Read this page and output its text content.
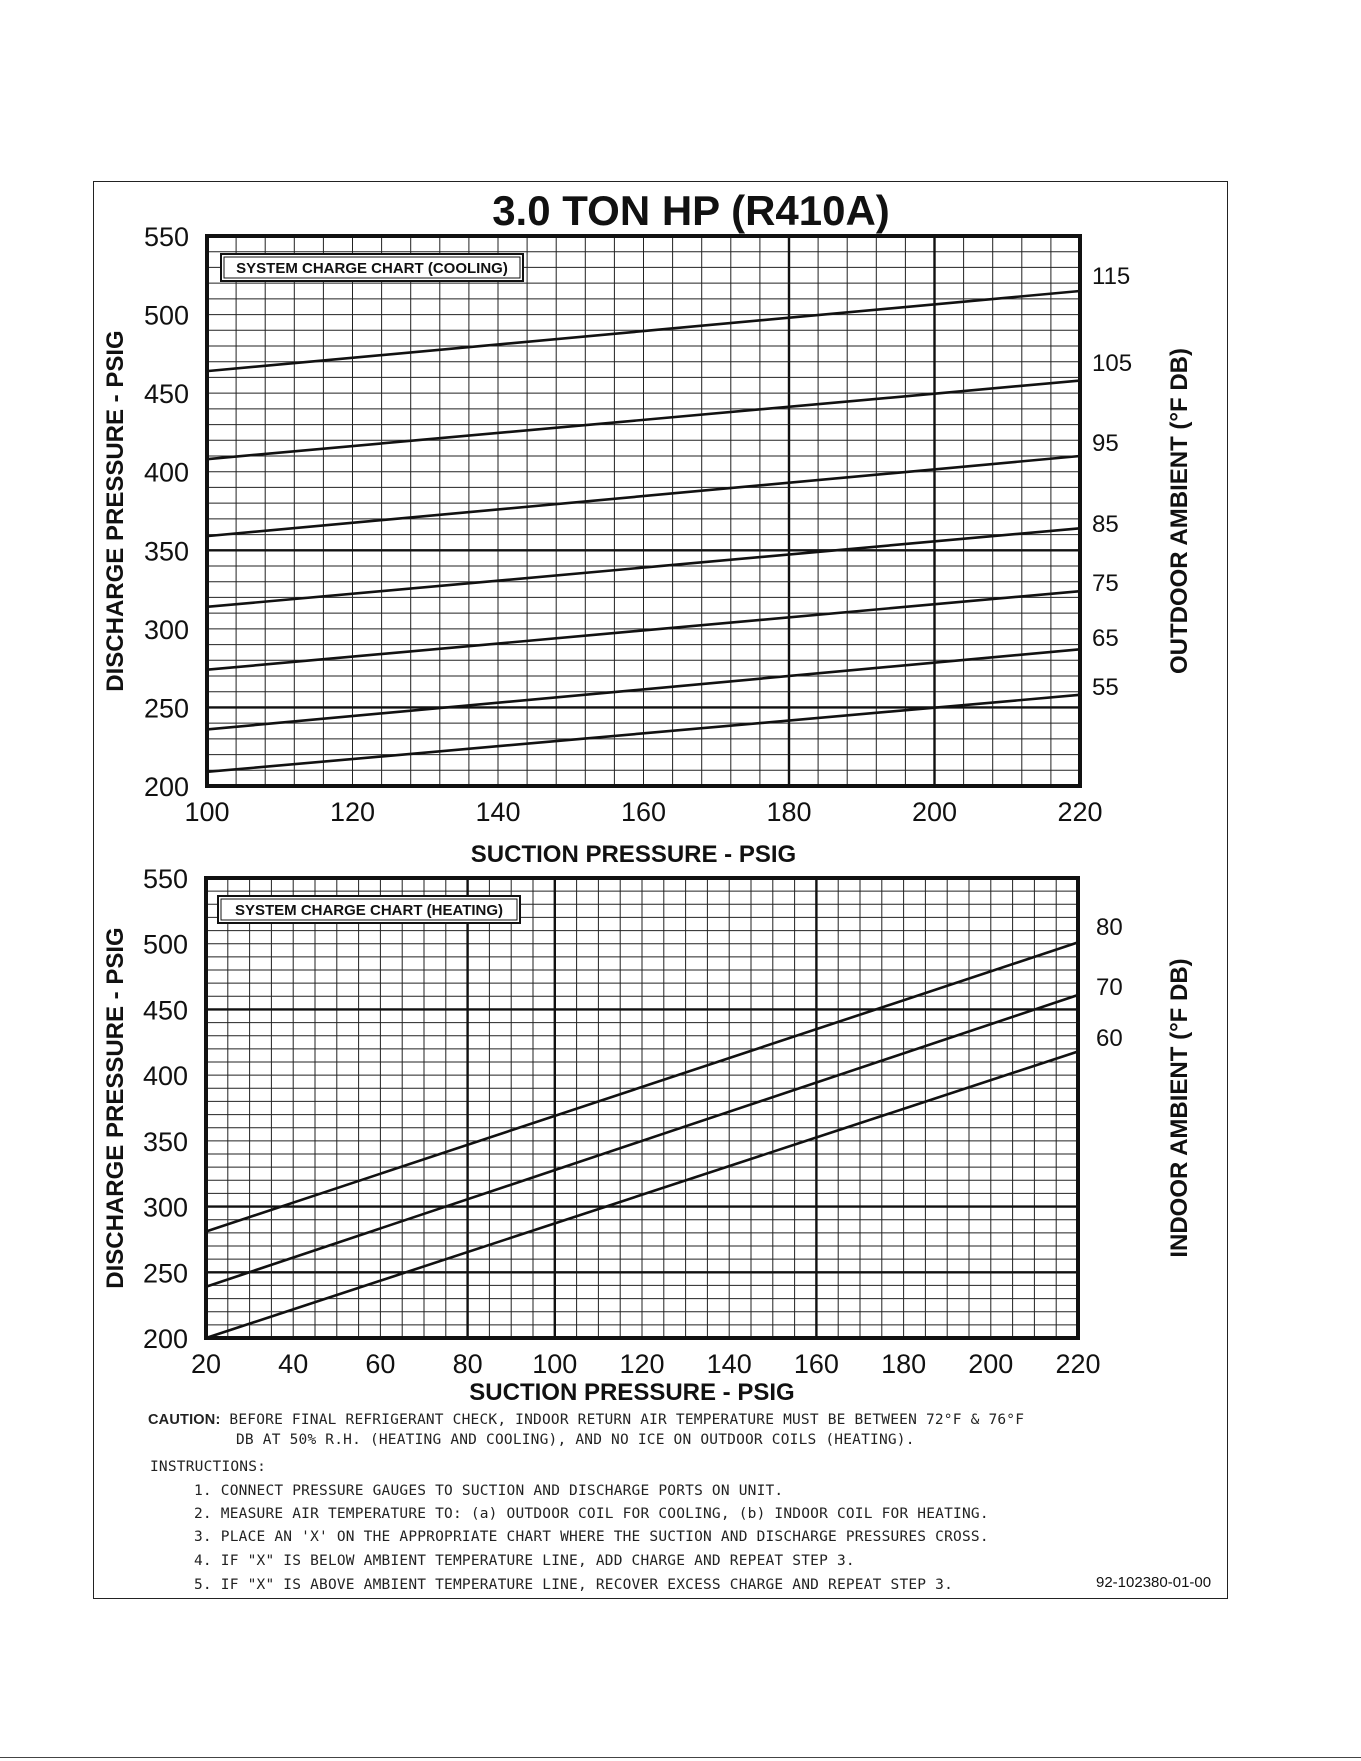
3.0 TON HP (R410A)
115
105
95
85
75
65
55
100	120	140	160	180	200	220
200
250
300
350
400
450
500
550
SUCTION PRESSURE - PSIG
DISCHARGE PRESSURE - PSIG	OUTDOOR AMBIENT (°F DB)
SYSTEM CHARGE CHART (COOLING)
80
70
60
20 40 60 80 100 120 140 160 180 200 220
200
250
300
350
400
450
500
550
SUCTION PRESSURE - PSIG
DISCHARGE PRESSURE - PSIG	INDOOR AMBIENT (°F DB)
SYSTEM CHARGE CHART (HEATING)
CAUTION: BEFORE FINAL REFRIGERANT CHECK, INDOOR RETURN AIR TEMPERATURE MUST BE BETWEEN 72°F & 76°F
DB AT 50% R.H. (HEATING AND COOLING), AND NO ICE ON OUTDOOR COILS (HEATING).
INSTRUCTIONS:
1. CONNECT PRESSURE GAUGES TO SUCTION AND DISCHARGE PORTS ON UNIT.
2. MEASURE AIR TEMPERATURE TO: (a) OUTDOOR COIL FOR COOLING, (b) INDOOR COIL FOR HEATING.
3. PLACE AN 'X' ON THE APPROPRIATE CHART WHERE THE SUCTION AND DISCHARGE PRESSURES CROSS.
4. IF "X" IS BELOW AMBIENT TEMPERATURE LINE, ADD CHARGE AND REPEAT STEP 3.
5. IF "X" IS ABOVE AMBIENT TEMPERATURE LINE, RECOVER EXCESS CHARGE AND REPEAT STEP 3.	92-102380-01-00
